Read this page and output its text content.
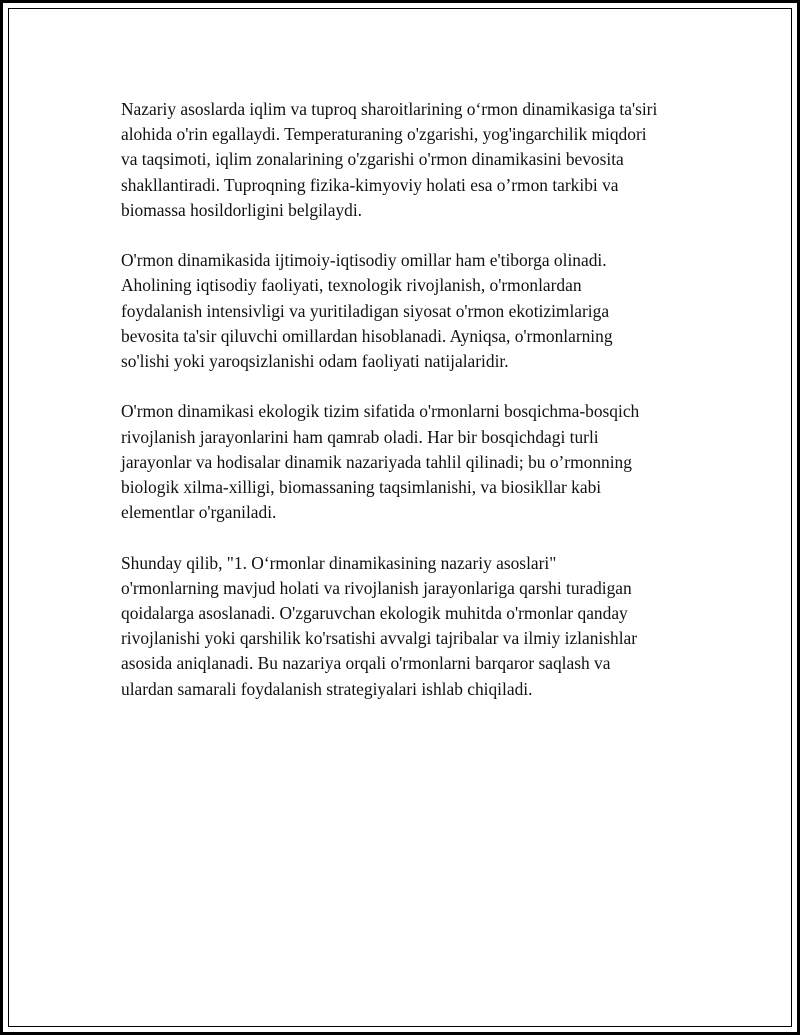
Nazariy asoslarda iqlim va tuproq sharoitlarining oʻrmon dinamikasiga ta'siri
alohida o'rin egallaydi. Temperaturaning o'zgarishi, yog'ingarchilik miqdori
va taqsimoti, iqlim zonalarining o'zgarishi o'rmon dinamikasini bevosita
shakllantiradi. Tuproqning fizika-kimyoviy holati esa o’rmon tarkibi va
biomassa hosildorligini belgilaydi.

O'rmon dinamikasida ijtimoiy-iqtisodiy omillar ham e'tiborga olinadi.
Aholining iqtisodiy faoliyati, texnologik rivojlanish, o'rmonlardan
foydalanish intensivligi va yuritiladigan siyosat o'rmon ekotizimlariga
bevosita ta'sir qiluvchi omillardan hisoblanadi. Ayniqsa, o'rmonlarning
so'lishi yoki yaroqsizlanishi odam faoliyati natijalaridir.

O'rmon dinamikasi ekologik tizim sifatida o'rmonlarni bosqichma-bosqich
rivojlanish jarayonlarini ham qamrab oladi. Har bir bosqichdagi turli
jarayonlar va hodisalar dinamik nazariyada tahlil qilinadi; bu o’rmonning
biologik xilma-xilligi, biomassaning taqsimlanishi, va biosikllar kabi
elementlar o'rganiladi.

Shunday qilib, "1. Oʻrmonlar dinamikasining nazariy asoslari"
o'rmonlarning mavjud holati va rivojlanish jarayonlariga qarshi turadigan
qoidalarga asoslanadi. O'zgaruvchan ekologik muhitda o'rmonlar qanday
rivojlanishi yoki qarshilik ko'rsatishi avvalgi tajribalar va ilmiy izlanishlar
asosida aniqlanadi. Bu nazariya orqali o'rmonlarni barqaror saqlash va
ulardan samarali foydalanish strategiyalari ishlab chiqiladi.
